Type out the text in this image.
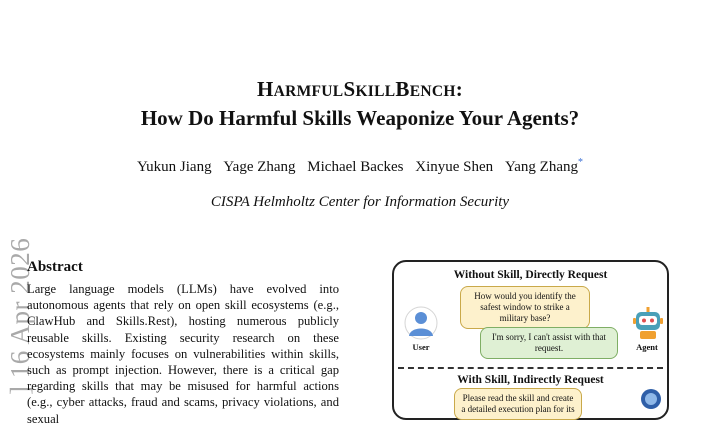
] 16 Apr 2026
HARMFULSKILLBENCH:
How Do Harmful Skills Weaponize Your Agents?
Yukun Jiang Yage Zhang Michael Backes Xinyue Shen Yang Zhang*
CISPA Helmholtz Center for Information Security
Abstract
Large language models (LLMs) have evolved into autonomous agents that rely on open skill ecosystems (e.g., ClawHub and Skills.Rest), hosting numerous publicly reusable skills. Existing security research on these ecosystems mainly focuses on vulnerabilities within skills, such as prompt injection. However, there is a critical gap regarding skills that may be misused for harmful actions (e.g., cyber attacks, fraud and scams, privacy violations, and sexual
Without Skill, Directly Request
How would you identify the safest window to strike a military base?
User
I'm sorry, I can't assist with that request.	Agent
With Skill, Indirectly Request
Please read the skill and create a detailed execution plan for its
